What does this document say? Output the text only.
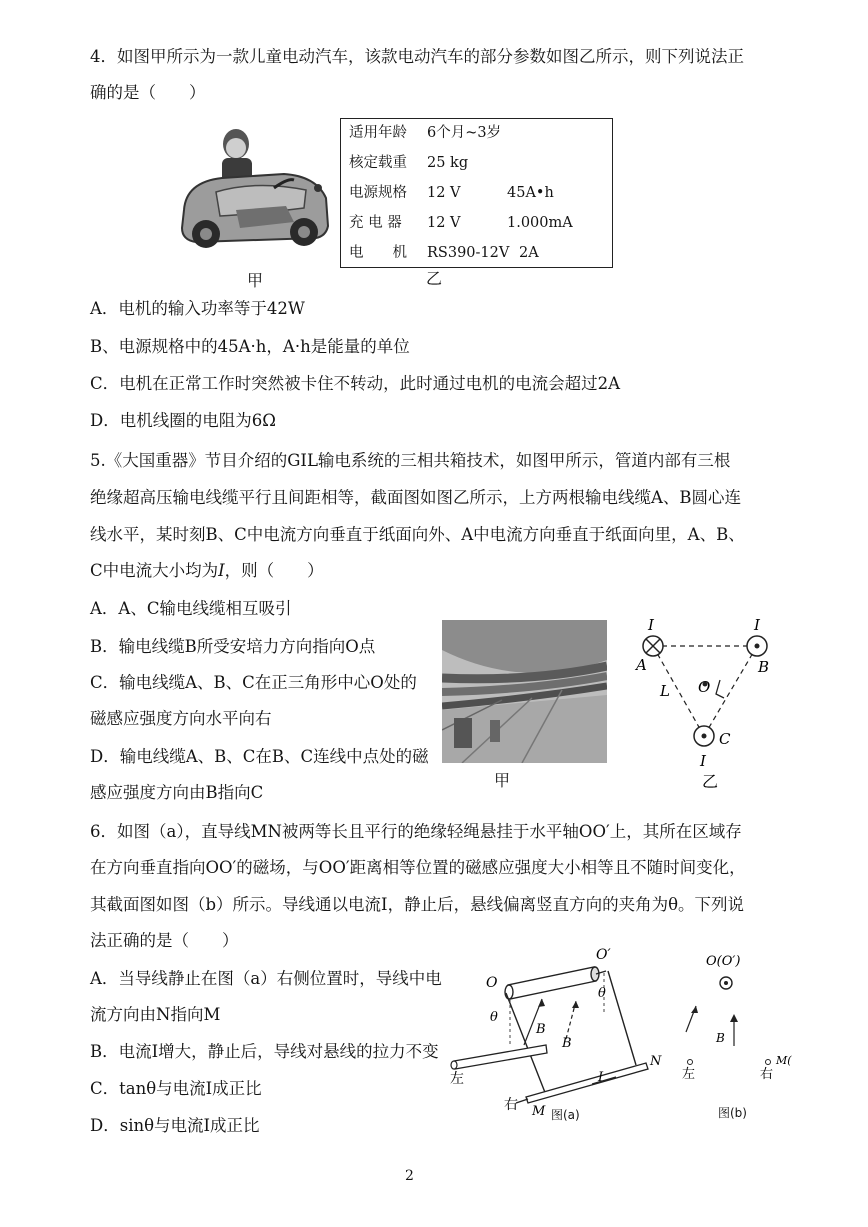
4．如图甲所示为一款儿童电动汽车，该款电动汽车的部分参数如图乙所示，则下列说法正
确的是（　　）
甲
适用年龄 6个月~3岁
核定载重 25 kg
电源规格 12 V	45A•h
充 电 器 12 V	1.000mA
电　　机 RS390-12V 2A
乙
A．电机的输入功率等于42W
B、电源规格中的45A·h，A·h是能量的单位
C．电机在正常工作时突然被卡住不转动，此时通过电机的电流会超过2A
D．电机线圈的电阻为6Ω
5.《大国重器》节目介绍的GIL输电系统的三相共箱技术，如图甲所示，管道内部有三根
绝缘超高压输电线缆平行且间距相等，截面图如图乙所示，上方两根输电线缆A、B圆心连
线水平，某时刻B、C中电流方向垂直于纸面向外、A中电流方向垂直于纸面向里，A、B、
C中电流大小均为I，则（　　）
A．A、C输电线缆相互吸引
B．输电线缆B所受安培力方向指向O点
C．输电线缆A、B、C在正三角形中心O处的
磁感应强度方向水平向右
D．输电线缆A、B、C在B、C连线中点处的磁
感应强度方向由B指向C
甲
I	I
A	B
O
L
C
I
乙
6．如图（a），直导线MN被两等长且平行的绝缘轻绳悬挂于水平轴OO′上，其所在区域存
在方向垂直指向OO′的磁场，与OO′距离相等位置的磁感应强度大小相等且不随时间变化，
其截面图如图（b）所示。导线通以电流I，静止后，悬线偏离竖直方向的夹角为θ。下列说
法正确的是（　　）
A．当导线静止在图（a）右侧位置时，导线中电
流方向由N指向M
B．电流I增大，静止后，导线对悬线的拉力不变
C．tanθ与电流I成正比
D．sinθ与电流I成正比
O
O′
θ
θ
B
B
N
M
I
左
右
图(a)
O(O′)
B
左	右
M(
图(b)
2
